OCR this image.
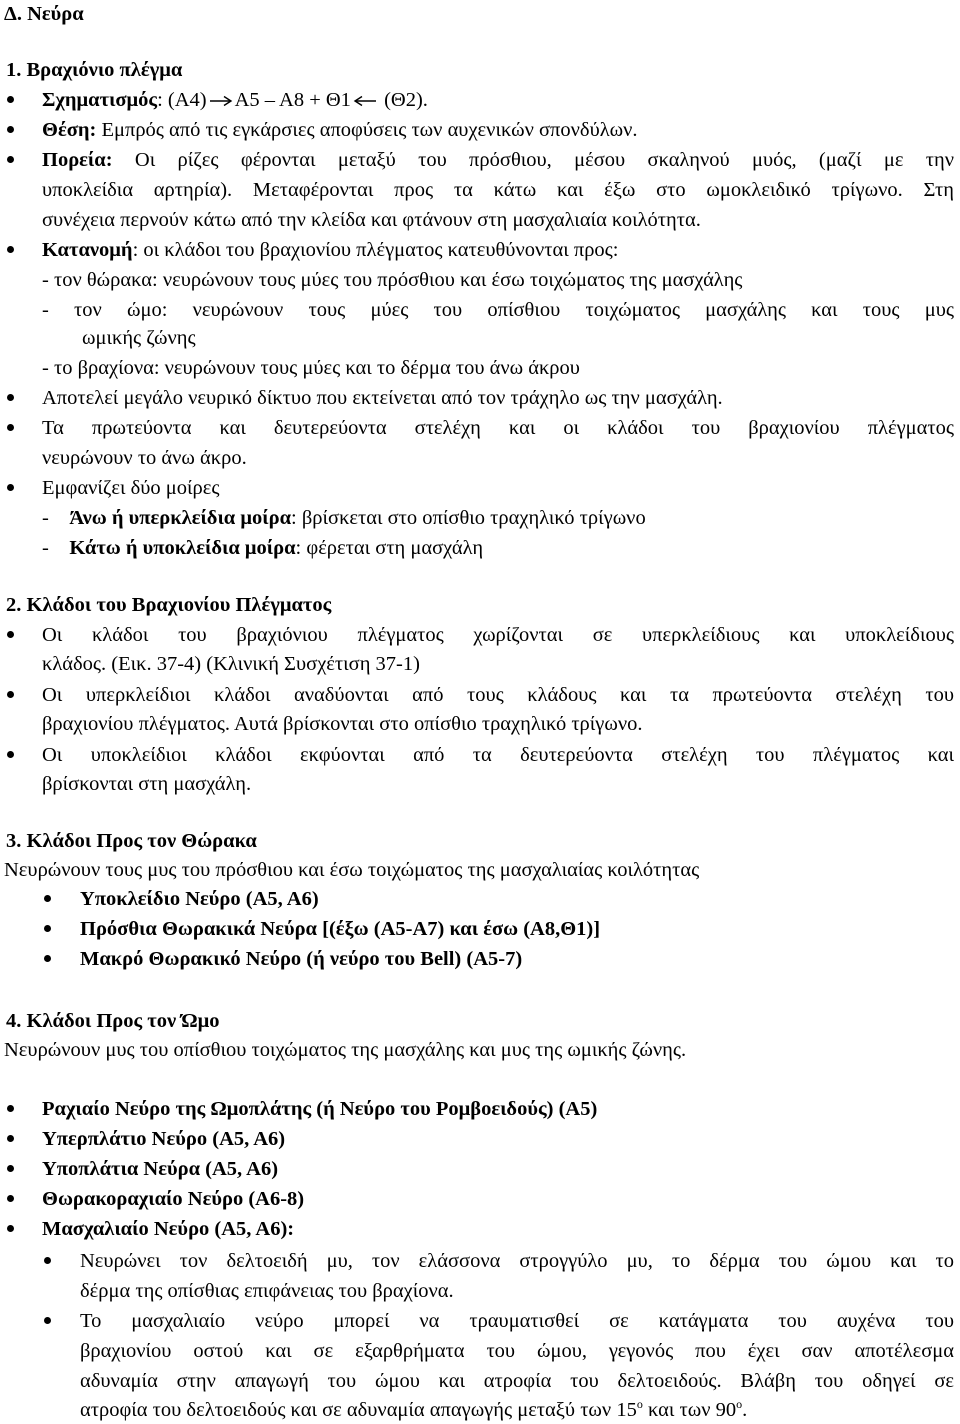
Δ. Νεύρα
1. Βραχιόνιο πλέγμα
Σχηματισμός: (Α4) Α5 – Α8 + Θ1
(Θ2).
Θέση: Εμπρός από τις εγκάρσιες αποφύσεις των αυχενικών σπονδύλων.
Πορεία: Οι ρίζες φέρονται μεταξύ του πρόσθιου, μέσου σκαληνού μυός, (μαζί με την
υποκλείδια αρτηρία). Μεταφέρονται προς τα κάτω και έξω στο ωμοκλειδικό τρίγωνο. Στη
συνέχεια περνούν κάτω από την κλείδα και φτάνουν στη μασχαλιαία κοιλότητα.
Κατανομή: οι κλάδοι του βραχιονίου πλέγματος κατευθύνονται προς:
- τον θώρακα: νευρώνουν τους μύες του πρόσθιου και έσω τοιχώματος της μασχάλης
- τον ώμο: νευρώνουν τους μύες του οπίσθιου τοιχώματος μασχάλης και τους μυς
ωμικής ζώνης
- το βραχίονα: νευρώνουν τους μύες και το δέρμα του άνω άκρου
Αποτελεί μεγάλο νευρικό δίκτυο που εκτείνεται από τον τράχηλο ως την μασχάλη.
Τα πρωτεύοντα και δευτερεύοντα στελέχη και οι κλάδοι του βραχιονίου πλέγματος
νευρώνουν το άνω άκρο.
Εμφανίζει δύο μοίρες
-    Άνω ή υπερκλείδια μοίρα: βρίσκεται στο οπίσθιο τραχηλικό τρίγωνο
-    Κάτω ή υποκλείδια μοίρα: φέρεται στη μασχάλη
2. Κλάδοι του Βραχιονίου Πλέγματος
Οι κλάδοι του βραχιόνιου πλέγματος χωρίζονται σε υπερκλείδιους και υποκλείδιους
κλάδος. (Εικ. 37-4) (Κλινική Συσχέτιση 37-1)
Οι υπερκλείδιοι κλάδοι αναδύονται από τους κλάδους και τα πρωτεύοντα στελέχη του
βραχιονίου πλέγματος. Αυτά βρίσκονται στο οπίσθιο τραχηλικό τρίγωνο.
Οι υποκλείδιοι κλάδοι εκφύονται από τα δευτερεύοντα στελέχη του πλέγματος και
βρίσκονται στη μασχάλη.
3. Κλάδοι Προς τον Θώρακα
Νευρώνουν τους μυς του πρόσθιου και έσω τοιχώματος της μασχαλιαίας κοιλότητας
Υποκλείδιο Νεύρο (Α5, Α6)
Πρόσθια Θωρακικά Νεύρα [(έξω (Α5-Α7) και έσω (Α8,Θ1)]
Μακρό Θωρακικό Νεύρο (ή νεύρο του Bell) (Α5-7)
4. Κλάδοι Προς τον Ώμο
Νευρώνουν μυς του οπίσθιου τοιχώματος της μασχάλης και μυς της ωμικής ζώνης.
Ραχιαίο Νεύρο της Ωμοπλάτης (ή Νεύρο του Ρομβοειδούς) (Α5)
Υπερπλάτιο Νεύρο (Α5, Α6)
Υποπλάτια Νεύρα (Α5, Α6)
Θωρακοραχιαίο Νεύρο (Α6-8)
Μασχαλιαίο Νεύρο (Α5, Α6):
Νευρώνει τον δελτοειδή μυ, τον ελάσσονα στρογγύλο μυ, το δέρμα του ώμου και το
δέρμα της οπίσθιας επιφάνειας του βραχίονα.
Το μασχαλιαίο νεύρο μπορεί να τραυματισθεί σε κατάγματα του αυχένα του
βραχιονίου οστού και σε εξαρθρήματα του ώμου, γεγονός που έχει σαν αποτέλεσμα
αδυναμία στην απαγωγή του ώμου και ατροφία του δελτοειδούς. Βλάβη του οδηγεί σε
ατροφία του δελτοειδούς και σε αδυναμία απαγωγής μεταξύ των $15^o$ και των $90^o$.
